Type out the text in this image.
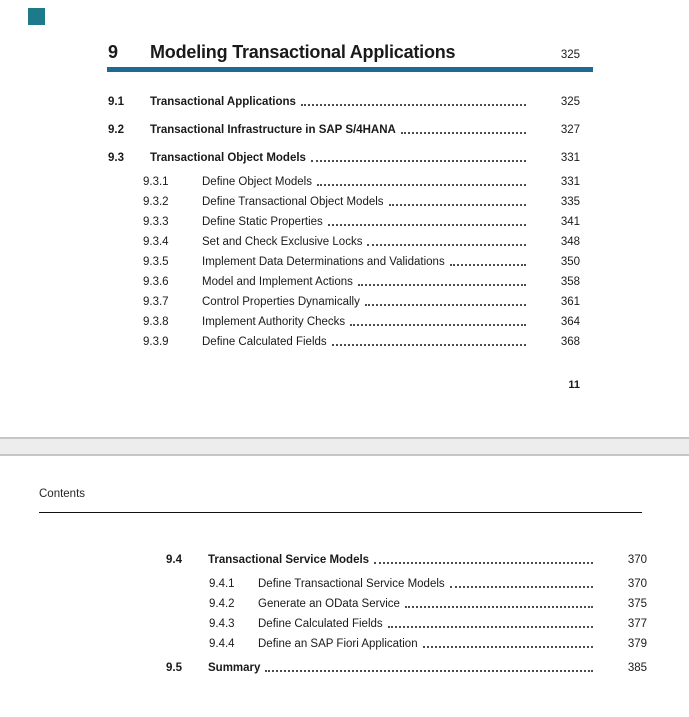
9	Modeling Transactional Applications	325
9.1	Transactional Applications	325
9.2	Transactional Infrastructure in SAP S/4HANA	327
9.3	Transactional Object Models	331
9.3.1	Define Object Models	331
9.3.2	Define Transactional Object Models	335
9.3.3	Define Static Properties	341
9.3.4	Set and Check Exclusive Locks	348
9.3.5	Implement Data Determinations and Validations	350
9.3.6	Model and Implement Actions	358
9.3.7	Control Properties Dynamically	361
9.3.8	Implement Authority Checks	364
9.3.9	Define Calculated Fields	368
11
Contents
9.4	Transactional Service Models	370
9.4.1	Define Transactional Service Models	370
9.4.2	Generate an OData Service	375
9.4.3	Define Calculated Fields	377
9.4.4	Define an SAP Fiori Application	379
9.5	Summary	385
